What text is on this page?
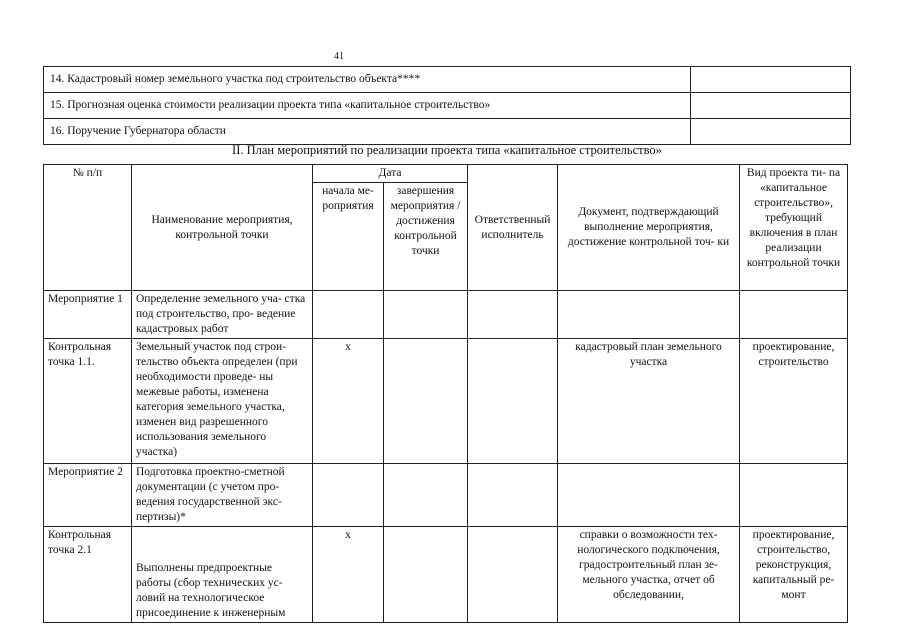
41
14. Кадастровый номер земельного участка под строительство объекта****	
15. Прогнозная оценка стоимости реализации проекта типа «капитальное строительство»	
16. Поручение Губернатора области	
II. План мероприятий по реализации проекта типа «капитальное строительство»
№ п/п	Наименование мероприятия, контрольной точки	Дата		Ответственный исполнитель	Документ, подтверждающий выполнение мероприятия, достижение контрольной точ- ки	Вид проекта ти- па «капитальное строительство», требующий включения в план реализации контрольной точки
		начала ме- роприятия	завершения мероприятия / достижения контрольной точки			
Мероприятие 1	Определение земельного уча- стка под строительство, про- ведение кадастровых работ					
Контрольная точка 1.1.	Земельный участок под строи- тельство объекта определен (при необходимости проведе- ны межевые работы, изменена категория земельного участка, изменен вид разрешенного использования земельного участка)	x			кадастровый план земельного участка	проектирование, строительство
Мероприятие 2	Подготовка проектно-сметной документации (с учетом про- ведения государственной экс- пертизы)*					
Контрольная точка 2.1	Выполнены предпроектные работы (сбор технических ус- ловий на технологическое присоединение к инженерным	x			справки о возможности тех- нологического подключения, градостроительный план зе- мельного участка, отчет об обследовании,	проектирование, строительство, реконструкция, капитальный ре- монт
